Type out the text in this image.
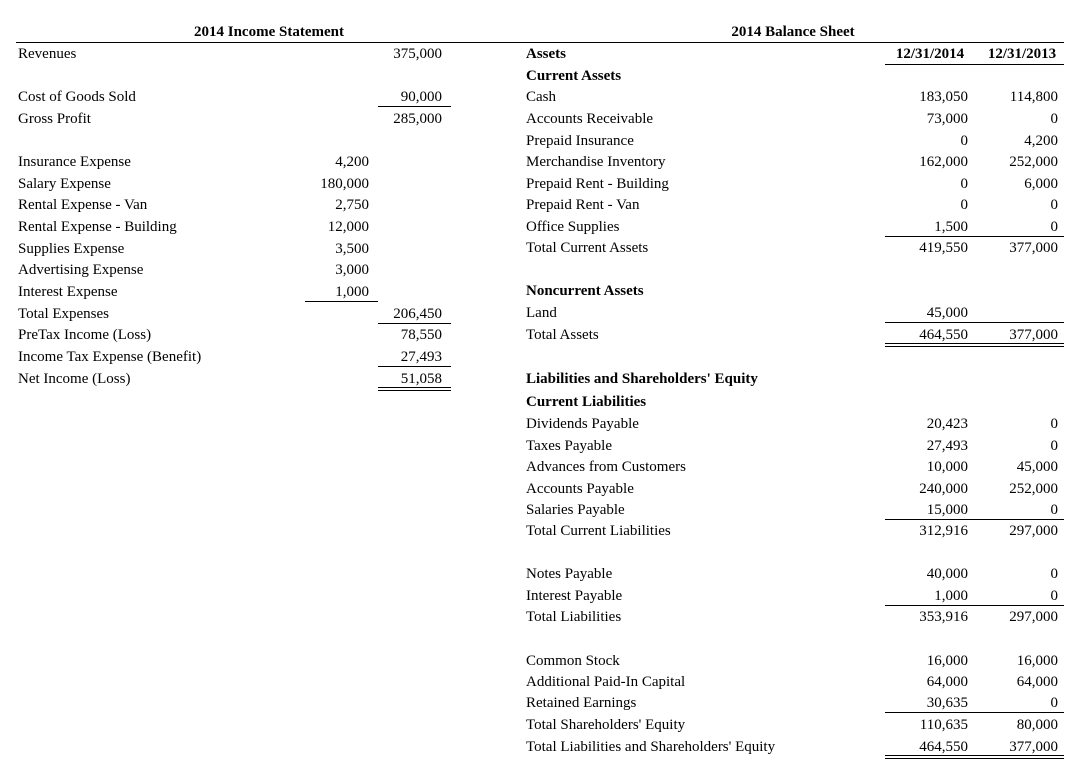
2014 Income Statement
Revenues	375,000
Cost of Goods Sold	90,000
Gross Profit	285,000
Insurance Expense	4,200
Salary Expense	180,000
Rental Expense - Van	2,750
Rental Expense - Building	12,000
Supplies Expense	3,500
Advertising Expense	3,000
Interest Expense	1,000
Total Expenses	206,450
PreTax Income (Loss)	78,550
Income Tax Expense (Benefit)	27,493
Net Income (Loss)	51,058
2014 Balance Sheet
Assets	12/31/2014	12/31/2013
Current Assets
Cash	183,050	114,800
Accounts Receivable	73,000	0
Prepaid Insurance	0	4,200
Merchandise Inventory	162,000	252,000
Prepaid Rent - Building	0	6,000
Prepaid Rent - Van	0	0
Office Supplies	1,500	0
Total Current Assets	419,550	377,000
Noncurrent Assets
Land	45,000
Total Assets	464,550	377,000
Liabilities and Shareholders' Equity
Current Liabilities
Dividends Payable	20,423	0
Taxes Payable	27,493	0
Advances from Customers	10,000	45,000
Accounts Payable	240,000	252,000
Salaries Payable	15,000	0
Total Current Liabilities	312,916	297,000
Notes Payable	40,000	0
Interest Payable	1,000	0
Total Liabilities	353,916	297,000
Common Stock	16,000	16,000
Additional Paid-In Capital	64,000	64,000
Retained Earnings	30,635	0
Total Shareholders' Equity	110,635	80,000
Total Liabilities and Shareholders' Equity	464,550	377,000
